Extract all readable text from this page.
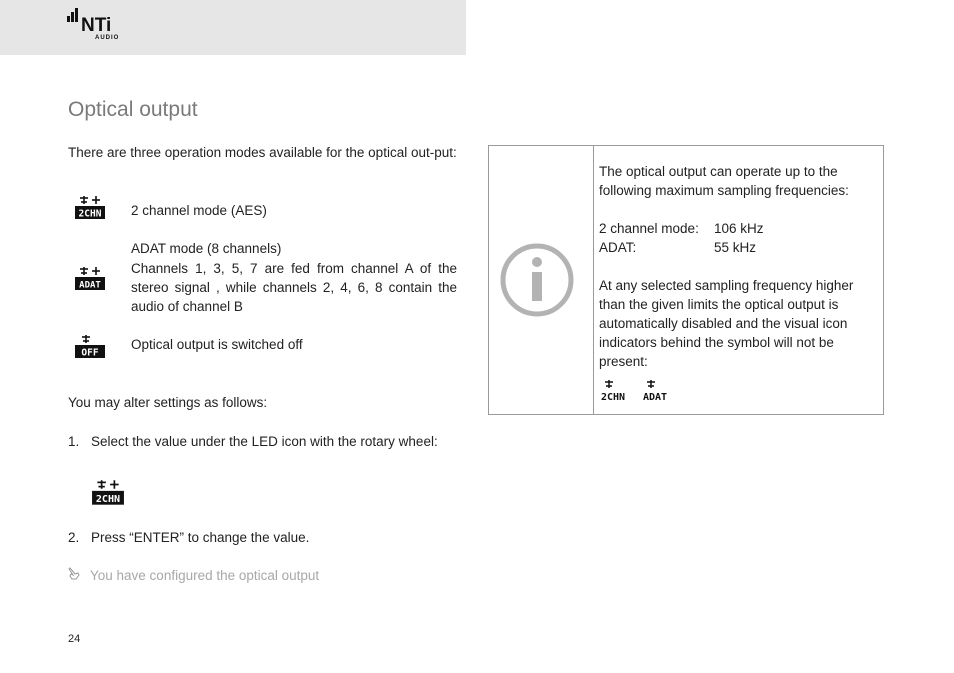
NTi
AUDIO
Optical output

There are three operation modes available for the optical out-put:

2CHN 2 channel mode (AES)

ADAT mode (8 channels)

ADAT

Channels 1, 3, 5, 7 are fed from channel A of the stereo signal , while channels 2, 4, 6, 8 contain the audio of channel B

OFF

Optical output is switched off

You may alter settings as follows:

1. Select the value under the LED icon with the rotary wheel:

2CHN

2. Press “ENTER” to change the value.

You have configured the optical output

The optical output can operate up to the following maximum sampling frequencies:

2 channel mode:	106 kHz
ADAT:	55 kHz

At any selected sampling frequency higher than the given limits the optical output is automatically disabled and the visual icon indicators behind the symbol will not be present:

2CHN ADAT
24
